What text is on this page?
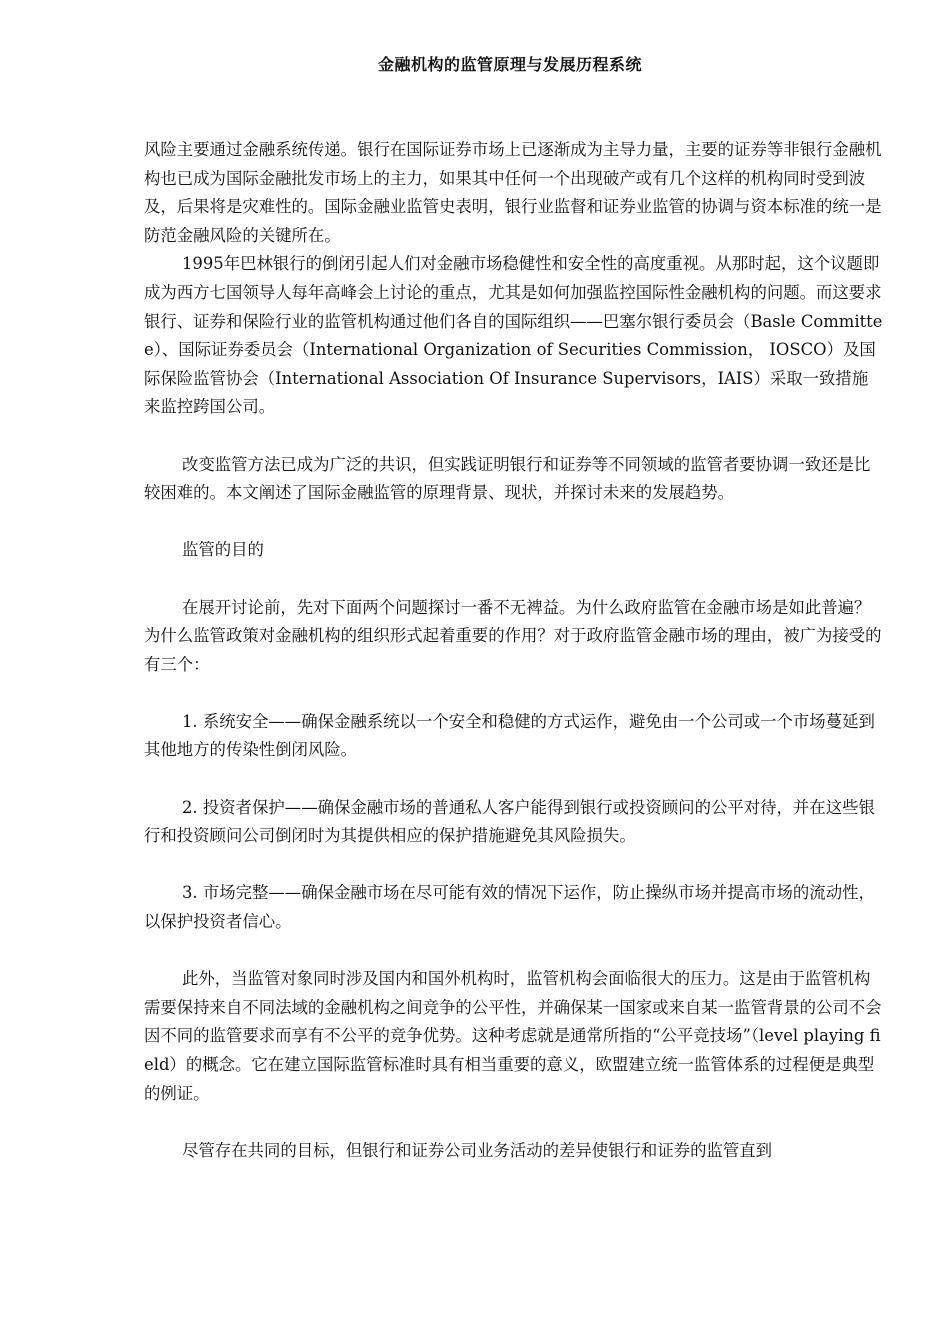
金融机构的监管原理与发展历程系统

风险主要通过金融系统传递。银行在国际证券市场上已逐渐成为主导力量，主要的证券等非银行金融机构也已成为国际金融批发市场上的主力，如果其中任何一个出现破产或有几个这样的机构同时受到波及，后果将是灾难性的。国际金融业监管史表明，银行业监督和证券业监管的协调与资本标准的统一是防范金融风险的关键所在。

1995年巴林银行的倒闭引起人们对金融市场稳健性和安全性的高度重视。从那时起，这个议题即成为西方七国领导人每年高峰会上讨论的重点，尤其是如何加强监控国际性金融机构的问题。而这要求银行、证券和保险行业的监管机构通过他们各自的国际组织——巴塞尔银行委员会（Basle Committee）、国际证券委员会（International Organization of Securities Commission， IOSCO）及国际保险监管协会（International Association Of Insurance Supervisors，IAIS）采取一致措施来监控跨国公司。

改变监管方法已成为广泛的共识，但实践证明银行和证券等不同领域的监管者要协调一致还是比较困难的。本文阐述了国际金融监管的原理背景、现状，并探讨未来的发展趋势。

监管的目的

在展开讨论前，先对下面两个问题探讨一番不无裨益。为什么政府监管在金融市场是如此普遍？为什么监管政策对金融机构的组织形式起着重要的作用？对于政府监管金融市场的理由，被广为接受的有三个：

1. 系统安全——确保金融系统以一个安全和稳健的方式运作，避免由一个公司或一个市场蔓延到其他地方的传染性倒闭风险。

2. 投资者保护——确保金融市场的普通私人客户能得到银行或投资顾问的公平对待，并在这些银行和投资顾问公司倒闭时为其提供相应的保护措施避免其风险损失。

3. 市场完整——确保金融市场在尽可能有效的情况下运作，防止操纵市场并提高市场的流动性，以保护投资者信心。

此外，当监管对象同时涉及国内和国外机构时，监管机构会面临很大的压力。这是由于监管机构需要保持来自不同法域的金融机构之间竞争的公平性，并确保某一国家或来自某一监管背景的公司不会因不同的监管要求而享有不公平的竞争优势。这种考虑就是通常所指的“公平竞技场”（level playing field）的概念。它在建立国际监管标准时具有相当重要的意义，欧盟建立统一监管体系的过程便是典型的例证。

尽管存在共同的目标，但银行和证券公司业务活动的差异使银行和证券的监管直到
